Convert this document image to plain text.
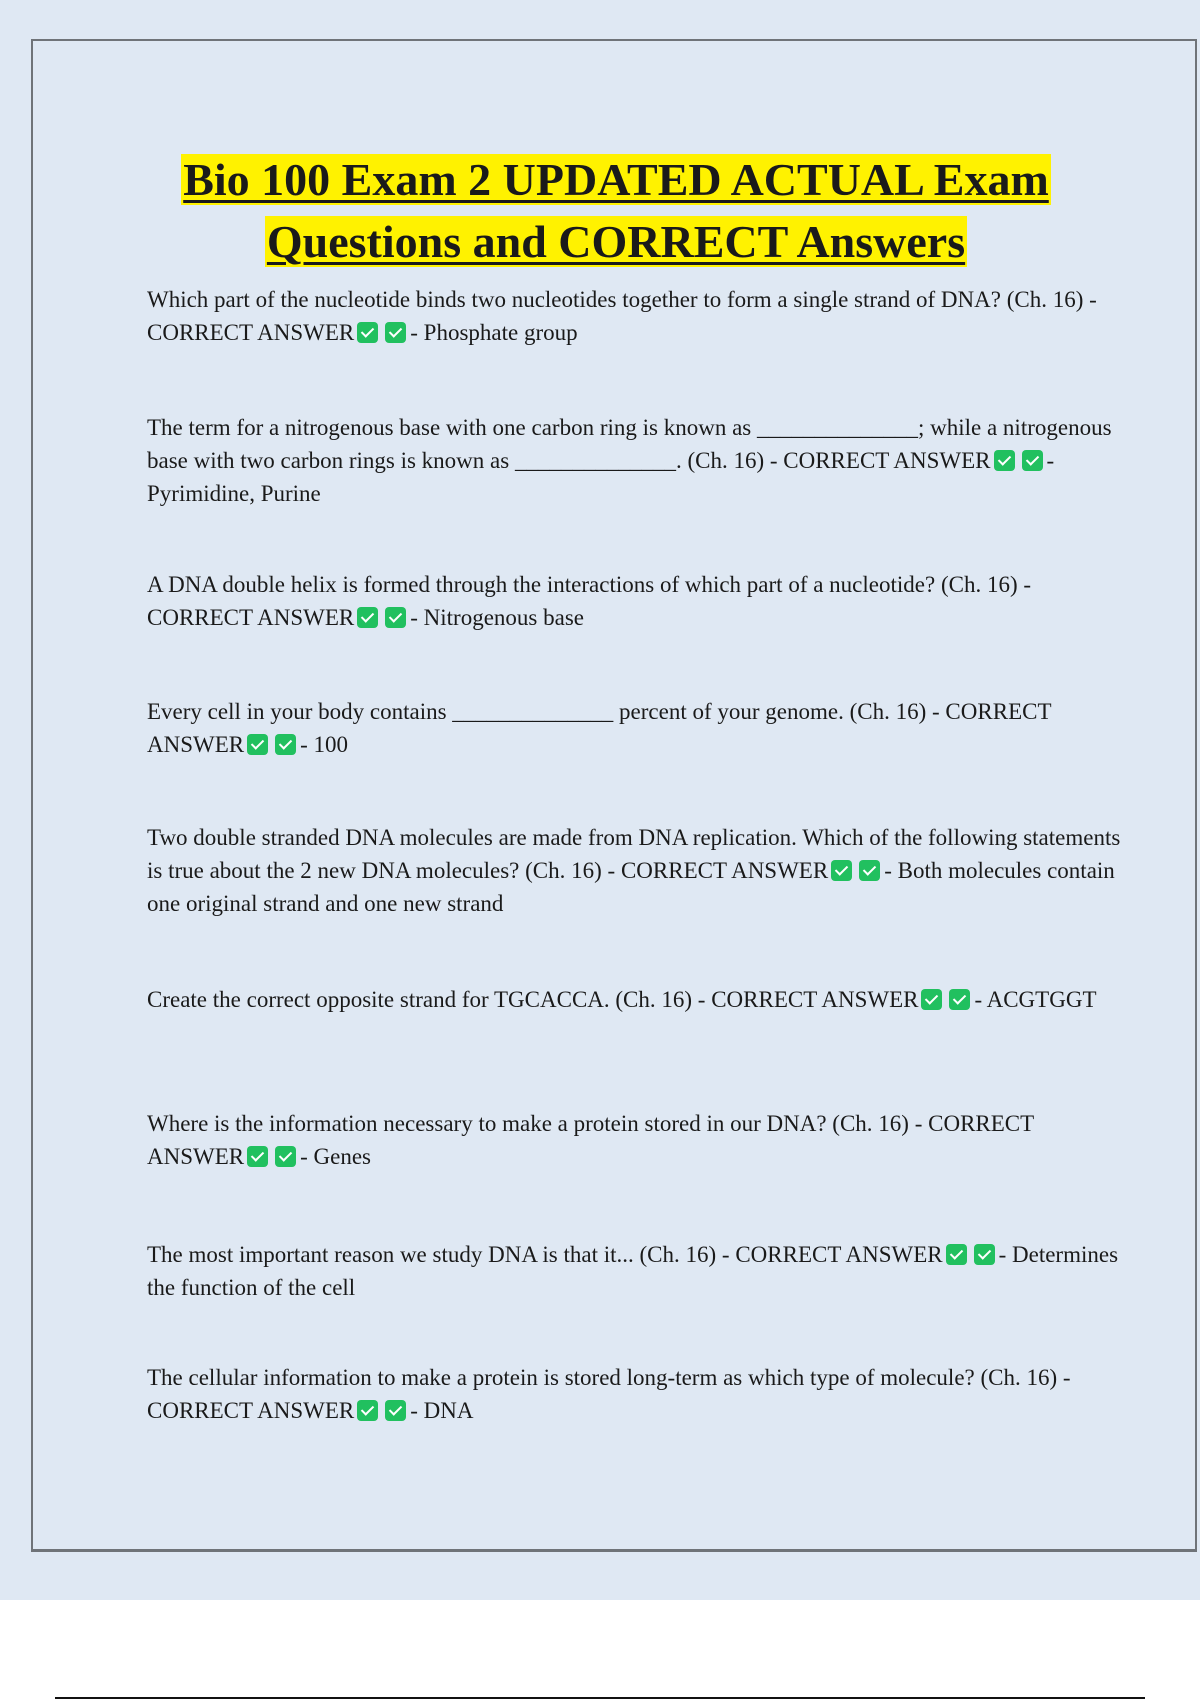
Bio 100 Exam 2 UPDATED ACTUAL Exam
Questions and CORRECT Answers

Which part of the nucleotide binds two nucleotides together to form a single strand of DNA? (Ch. 16) - CORRECT ANSWER - Phosphate group

The term for a nitrogenous base with one carbon ring is known as ______________; while a nitrogenous base with two carbon rings is known as ______________. (Ch. 16) - CORRECT ANSWER - Pyrimidine, Purine

A DNA double helix is formed through the interactions of which part of a nucleotide? (Ch. 16) - CORRECT ANSWER - Nitrogenous base

Every cell in your body contains ______________ percent of your genome. (Ch. 16) - CORRECT ANSWER - 100

Two double stranded DNA molecules are made from DNA replication. Which of the following statements is true about the 2 new DNA molecules? (Ch. 16) - CORRECT ANSWER - Both molecules contain one original strand and one new strand

Create the correct opposite strand for TGCACCA. (Ch. 16) - CORRECT ANSWER - ACGTGGT

Where is the information necessary to make a protein stored in our DNA? (Ch. 16) - CORRECT ANSWER - Genes

The most important reason we study DNA is that it... (Ch. 16) - CORRECT ANSWER - Determines the function of the cell

The cellular information to make a protein is stored long-term as which type of molecule? (Ch. 16) - CORRECT ANSWER - DNA
